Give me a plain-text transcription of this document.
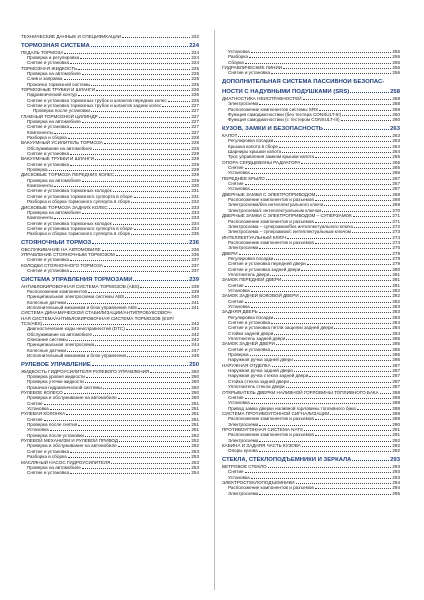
ТЕХНИЧЕСКИЕ ДАННЫЕ И СПЕЦИФИКАЦИИ	222
ТОРМОЗНАЯ СИСТЕМА	224
ПЕДАЛЬ ТОРМОЗА	224
Проверка и регулировка	224
Снятие и установка	224
ТОРМОЗНАЯ ЖИДКОСТЬ	225
Проверка на автомобиле	225
Слив и заправка	225
Прокачка тормозной системы	225
ТОРМОЗНЫЕ ТРУБКИ И ШЛАНГИ	226
Гидравлический контур	226
Снятие и установка тормозных трубок и шлангов передних колес	226
Снятие и установка тормозных трубок и шлангов задних колес	227
Проверка после установки	227
ГЛАВНЫЙ ТОРМОЗНОЙ ЦИЛИНДР	227
Проверка на автомобиле	227
Снятие и установка	227
Компоненты	227
Разборка и сборка	228
ВАКУУМНЫЙ УСИЛИТЕЛЬ ТОРМОЗА	228
Обслуживание на автомобиле	228
Снятие и установка	229
ВАКУУМНЫЕ ТРУБКИ И ШЛАНГИ	229
Снятие и установка	229
Проверка	229
ДИСКОВЫЕ ТОРМОЗА ПЕРЕДНИХ КОЛЕС	229
Проверка на автомобиле	229
Компоненты	230
Снятие и установка тормозных колодок	231
Снятие и установка тормозного суппорта в сборе	231
Разборка и сборка тормозного суппорта в сборе	232
ДИСКОВЫЕ ТОРМОЗА ЗАДНИХ КОЛЕС	233
Проверка на автомобиле	233
Компоненты	233
Снятие и установка тормозных колодок	234
Снятие и установка тормозного суппорта в сборе	234
Разборка и сборка тормозного суппорта в сборе	235
СТОЯНОЧНЫЙ ТОРМОЗ	236
ОБСЛУЖИВАНИЕ НА АВТОМОБИЛЕ	236
УПРАВЛЕНИЕ СТОЯНОЧНЫМ ТОРМОЗОМ	236
Снятие и установка	237
КОЛОДКИ СТОЯНОЧНОГО ТОРМОЗА	237
Снятие и установка	237
СИСТЕМА УПРАВЛЕНИЯ ТОРМОЗАМИ	239
АНТИБЛОКИРОВОЧНАЯ СИСТЕМА ТОРМОЗОВ (ABS)	239
Расположение компонентов	239
Принципиальная электросхема системы ABS	240
Колесные датчики	241
Исполнительный механизм и блок управления ABS	241
СИСТЕМА ДИНАМИЧЕСКОЙ СТАБИЛИЗАЦИИ/АНТИПРОБУКСОВОЧ-
НАЯ СИСТЕМА/АНТИБЛОКИРОВОЧНАЯ СИСТЕМА ТОРМОЗОВ (ESP/
TCS/ABS)	242
Диагностические коды неисправностей (DTC)	242
Обслуживание на автомобиле	242
Описание системы	242
Принципиальная электросхема	244
Колесные датчики	247
Исполнительный механизм и блок управления	248
РУЛЕВОЕ УПРАВЛЕНИЕ	250
ЖИДКОСТЬ ГИДРОУСИЛИТЕЛЯ РУЛЕВОГО УПРАВЛЕНИЯ	250
Проверка уровня жидкости	250
Проверка утечки жидкости	250
Прокачка гидравлической системы	250
РУЛЕВОЕ КОЛЕСО	250
Проверка и обслуживание на автомобиле	250
Снятие	251
Установка	251
РУЛЕВАЯ КОЛОНКА	251
Снятие	251
Проверка после снятия	251
Установка	251
Проверка после установки	252
РУЛЕВОЙ МЕХАНИЗМ И РУЛЕВОЙ ПРИВОД	252
Проверка и обслуживание на автомобиле	252
Снятие и установка	253
Разборка и сборка	253
МАСЛЯНЫЙ НАСОС ГИДРОУСИЛИТЕЛЯ	253
Проверка на автомобиле	253
Снятие и установка	254
Установка	255
Разборка	255
Сборка	255
ГИДРАВЛИЧЕСКИЕ ЛИНИИ	256
Снятие и установка	256
ДОПОЛНИТЕЛЬНАЯ СИСТЕМА ПАССИВНОЙ БЕЗОПАС-
НОСТИ С НАДУВНЫМИ ПОДУШКАМИ (SRS)	258
ДИАГНОСТИКА НЕИСПРАВНОСТЕЙ	258
Электросхема	258
Расположение компонентов системы SRS	259
Функция самодиагностики (без тестера CONSULT-III)	260
Функция самодиагностики (с тестером CONSULT-III)	260
КУЗОВ, ЗАМКИ И БЕЗОПАСНОСТЬ	263
КАПОТ	263
Регулировка посадки	263
Крышка капота в сборе	264
Шарниры крышки капота	264
Трос управления замком крышки капота	265
ОПОРА СЕРДЦЕВИНЫ РАДИАТОРА	266
Снятие	266
Установка	266
ПЕРЕДНЕЕ КРЫЛО	267
Снятие	267
Установка	267
ДВЕРНЫЕ ЗАМКИ С ЭЛЕКТРОПРИВОДОМ	268
Расположение компонентов и разъемов	268
Электросхема/без интеллектуального ключа	269
Электросхема/с интеллектуальным ключом	270
ДВЕРНЫЕ ЗАМКИ С ЭЛЕКТРОПРИВОДОМ – СУПЕРЗАМОК	271
Расположение компонентов и разъемов	271
Электросхема – суперзамок/без интеллектуального ключа	272
Электросхема – суперзамок/с интеллектуальным ключом	273
ИНТЕЛЛЕКТУАЛЬНЫЙ КЛЮЧ	274
Расположение компонентов и разъемов	274
Электросхема	275
ДВЕРИ	279
Регулировка посадки	279
Снятие и установка передней двери	279
Снятие и установка задней двери	280
Уплотнитель двери	281
ЗАМОК ПЕРЕДНЕЙ ДВЕРИ	281
Снятие	281
Установка	282
ЗАМОК ЗАДНЕЙ БОКОВОЙ ДВЕРИ	282
Снятие	282
Установка	283
ЗАДНЯЯ ДВЕРЬ	283
Регулировка посадки	283
Снятие и установка	284
Снятие и установка петли защелки задней двери	284
Стойки задней двери	284
Уплотнитель задней двери	285
ЗАМОК ЗАДНЕЙ ДВЕРИ	285
Снятие и установка	285
Проверка	286
Наружная ручка задней двери	286
НАРУЖНАЯ ОТДЕЛКА	287
Наружная ручка задней двери	287
Наружная ручка стекла задней двери	287
Стойка стекла задней двери	287
Уплотнитель стекла двери	287
ОТКРЫВАТЕЛЬ ДВЕРКИ НАЛИВНОЙ ГОРЛОВИНЫ ТОПЛИВНОГО БАКА	288
Снятие	288
Установка	288
Привод замка дверки наливной горловины топливного бака	288
СИСТЕМА ПРОТИВОУГОННОЙ СИГНАЛИЗАЦИИ	289
Расположение компонентов и разъемов	289
Электросхема	290
ПРОТИВОУГОННАЯ СИСТЕМА NATS	291
Расположение компонентов и разъемов	291
Электросхема	292
КАБИНА И ЗАДНЯЯ ЧАСТЬ КУЗОВА	292
Опоры кузова	292
СТЕКЛА, СТЕКЛОПОДЪЕМНИКИ И ЗЕРКАЛА	293
ВЕТРОВОЕ СТЕКЛО	293
Снятие	293
Установка	293
ЭЛЕКТРОСТЕКЛОПОДЪЕМНИКИ	294
Расположение компонентов и разъемов	294
Электросхема	295
